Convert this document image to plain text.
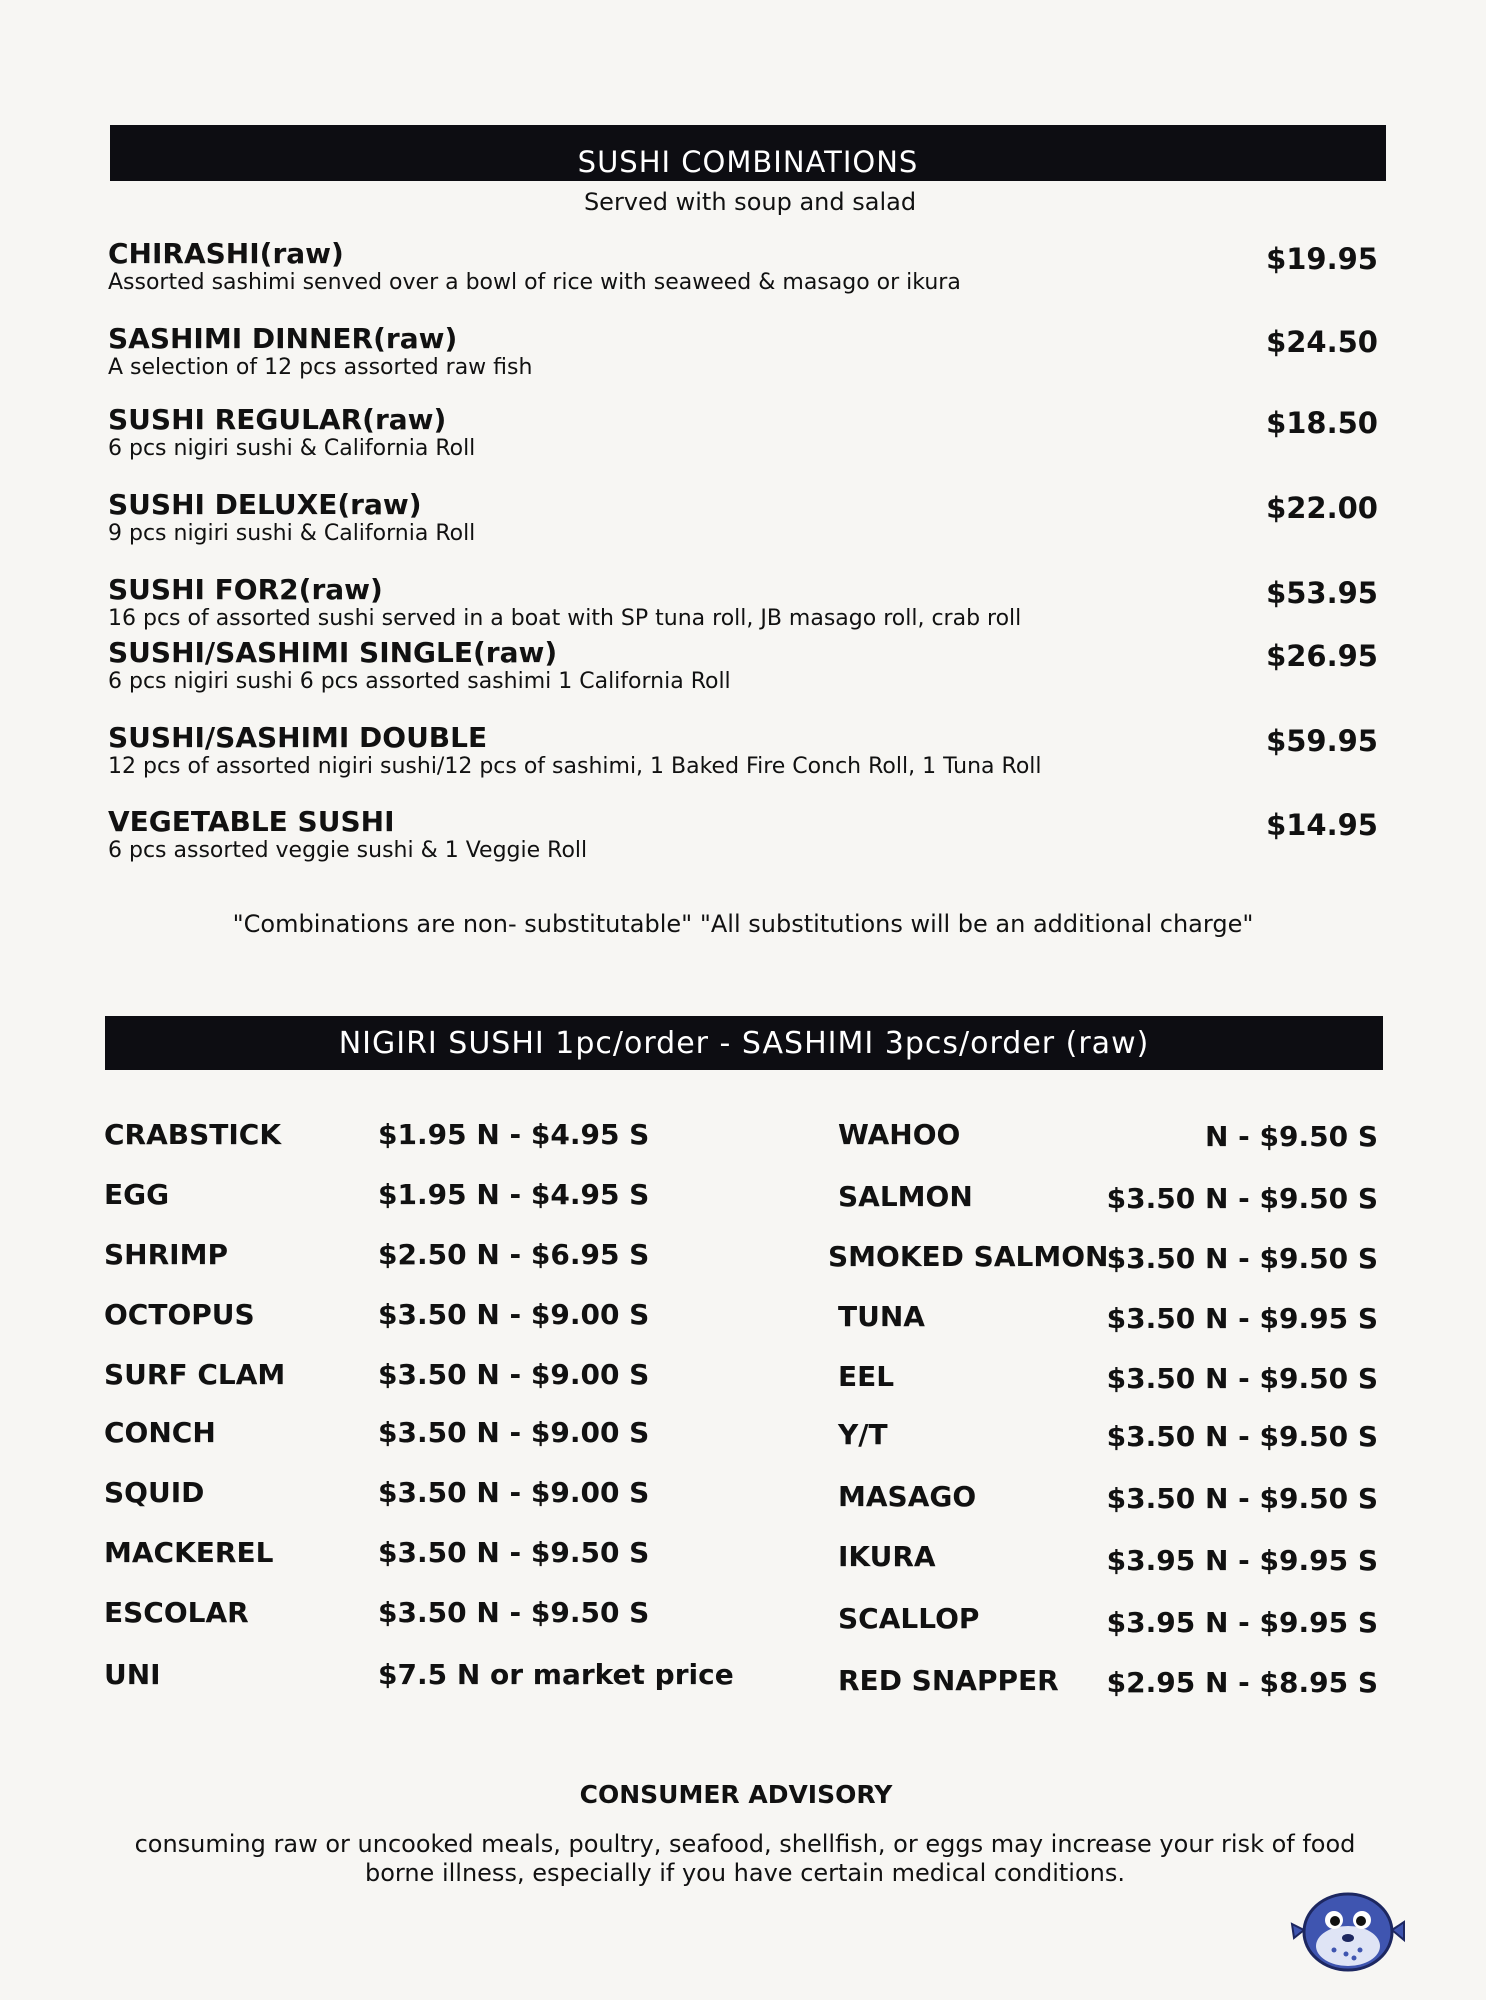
SUSHI COMBINATIONS
Served with soup and salad
CHIRASHI(raw)
Assorted sashimi senved over a bowl of rice with seaweed & masago or ikura
$19.95
SASHIMI DINNER(raw)
A selection of 12 pcs assorted raw fish
$24.50
SUSHI REGULAR(raw)
6 pcs nigiri sushi & California Roll
$18.50
SUSHI DELUXE(raw)
9 pcs nigiri sushi & California Roll
$22.00
SUSHI FOR2(raw)
16 pcs of assorted sushi served in a boat with SP tuna roll, JB masago roll, crab roll
$53.95
SUSHI/SASHIMI SINGLE(raw)
6 pcs nigiri sushi 6 pcs assorted sashimi 1 California Roll
$26.95
SUSHI/SASHIMI DOUBLE
12 pcs of assorted nigiri sushi/12 pcs of sashimi, 1 Baked Fire Conch Roll, 1 Tuna Roll
$59.95
VEGETABLE SUSHI
6 pcs assorted veggie sushi & 1 Veggie Roll
$14.95
"Combinations are non- substitutable" "All substitutions will be an additional charge"
NIGIRI SUSHI 1pc/order - SASHIMI 3pcs/order (raw)
CRABSTICK	$1.95 N - $4.95 S
EGG	$1.95 N - $4.95 S
SHRIMP	$2.50 N - $6.95 S
OCTOPUS	$3.50 N - $9.00 S
SURF CLAM	$3.50 N - $9.00 S
CONCH	$3.50 N - $9.00 S
SQUID	$3.50 N - $9.00 S
MACKEREL	$3.50 N - $9.50 S
ESCOLAR	$3.50 N - $9.50 S
UNI	$7.5 N or market price
WAHOO	N - $9.50 S
SALMON	$3.50 N - $9.50 S
SMOKED SALMON
$3.50 N - $9.50 S
TUNA	$3.50 N - $9.95 S
EEL	$3.50 N - $9.50 S
Y/T	$3.50 N - $9.50 S
MASAGO	$3.50 N - $9.50 S
IKURA	$3.95 N - $9.95 S
SCALLOP	$3.95 N - $9.95 S
RED SNAPPER $2.95 N - $8.95 S
CONSUMER ADVISORY
consuming raw or uncooked meals, poultry, seafood, shellfish, or eggs may increase your risk of food borne illness, especially if you have certain medical conditions.
